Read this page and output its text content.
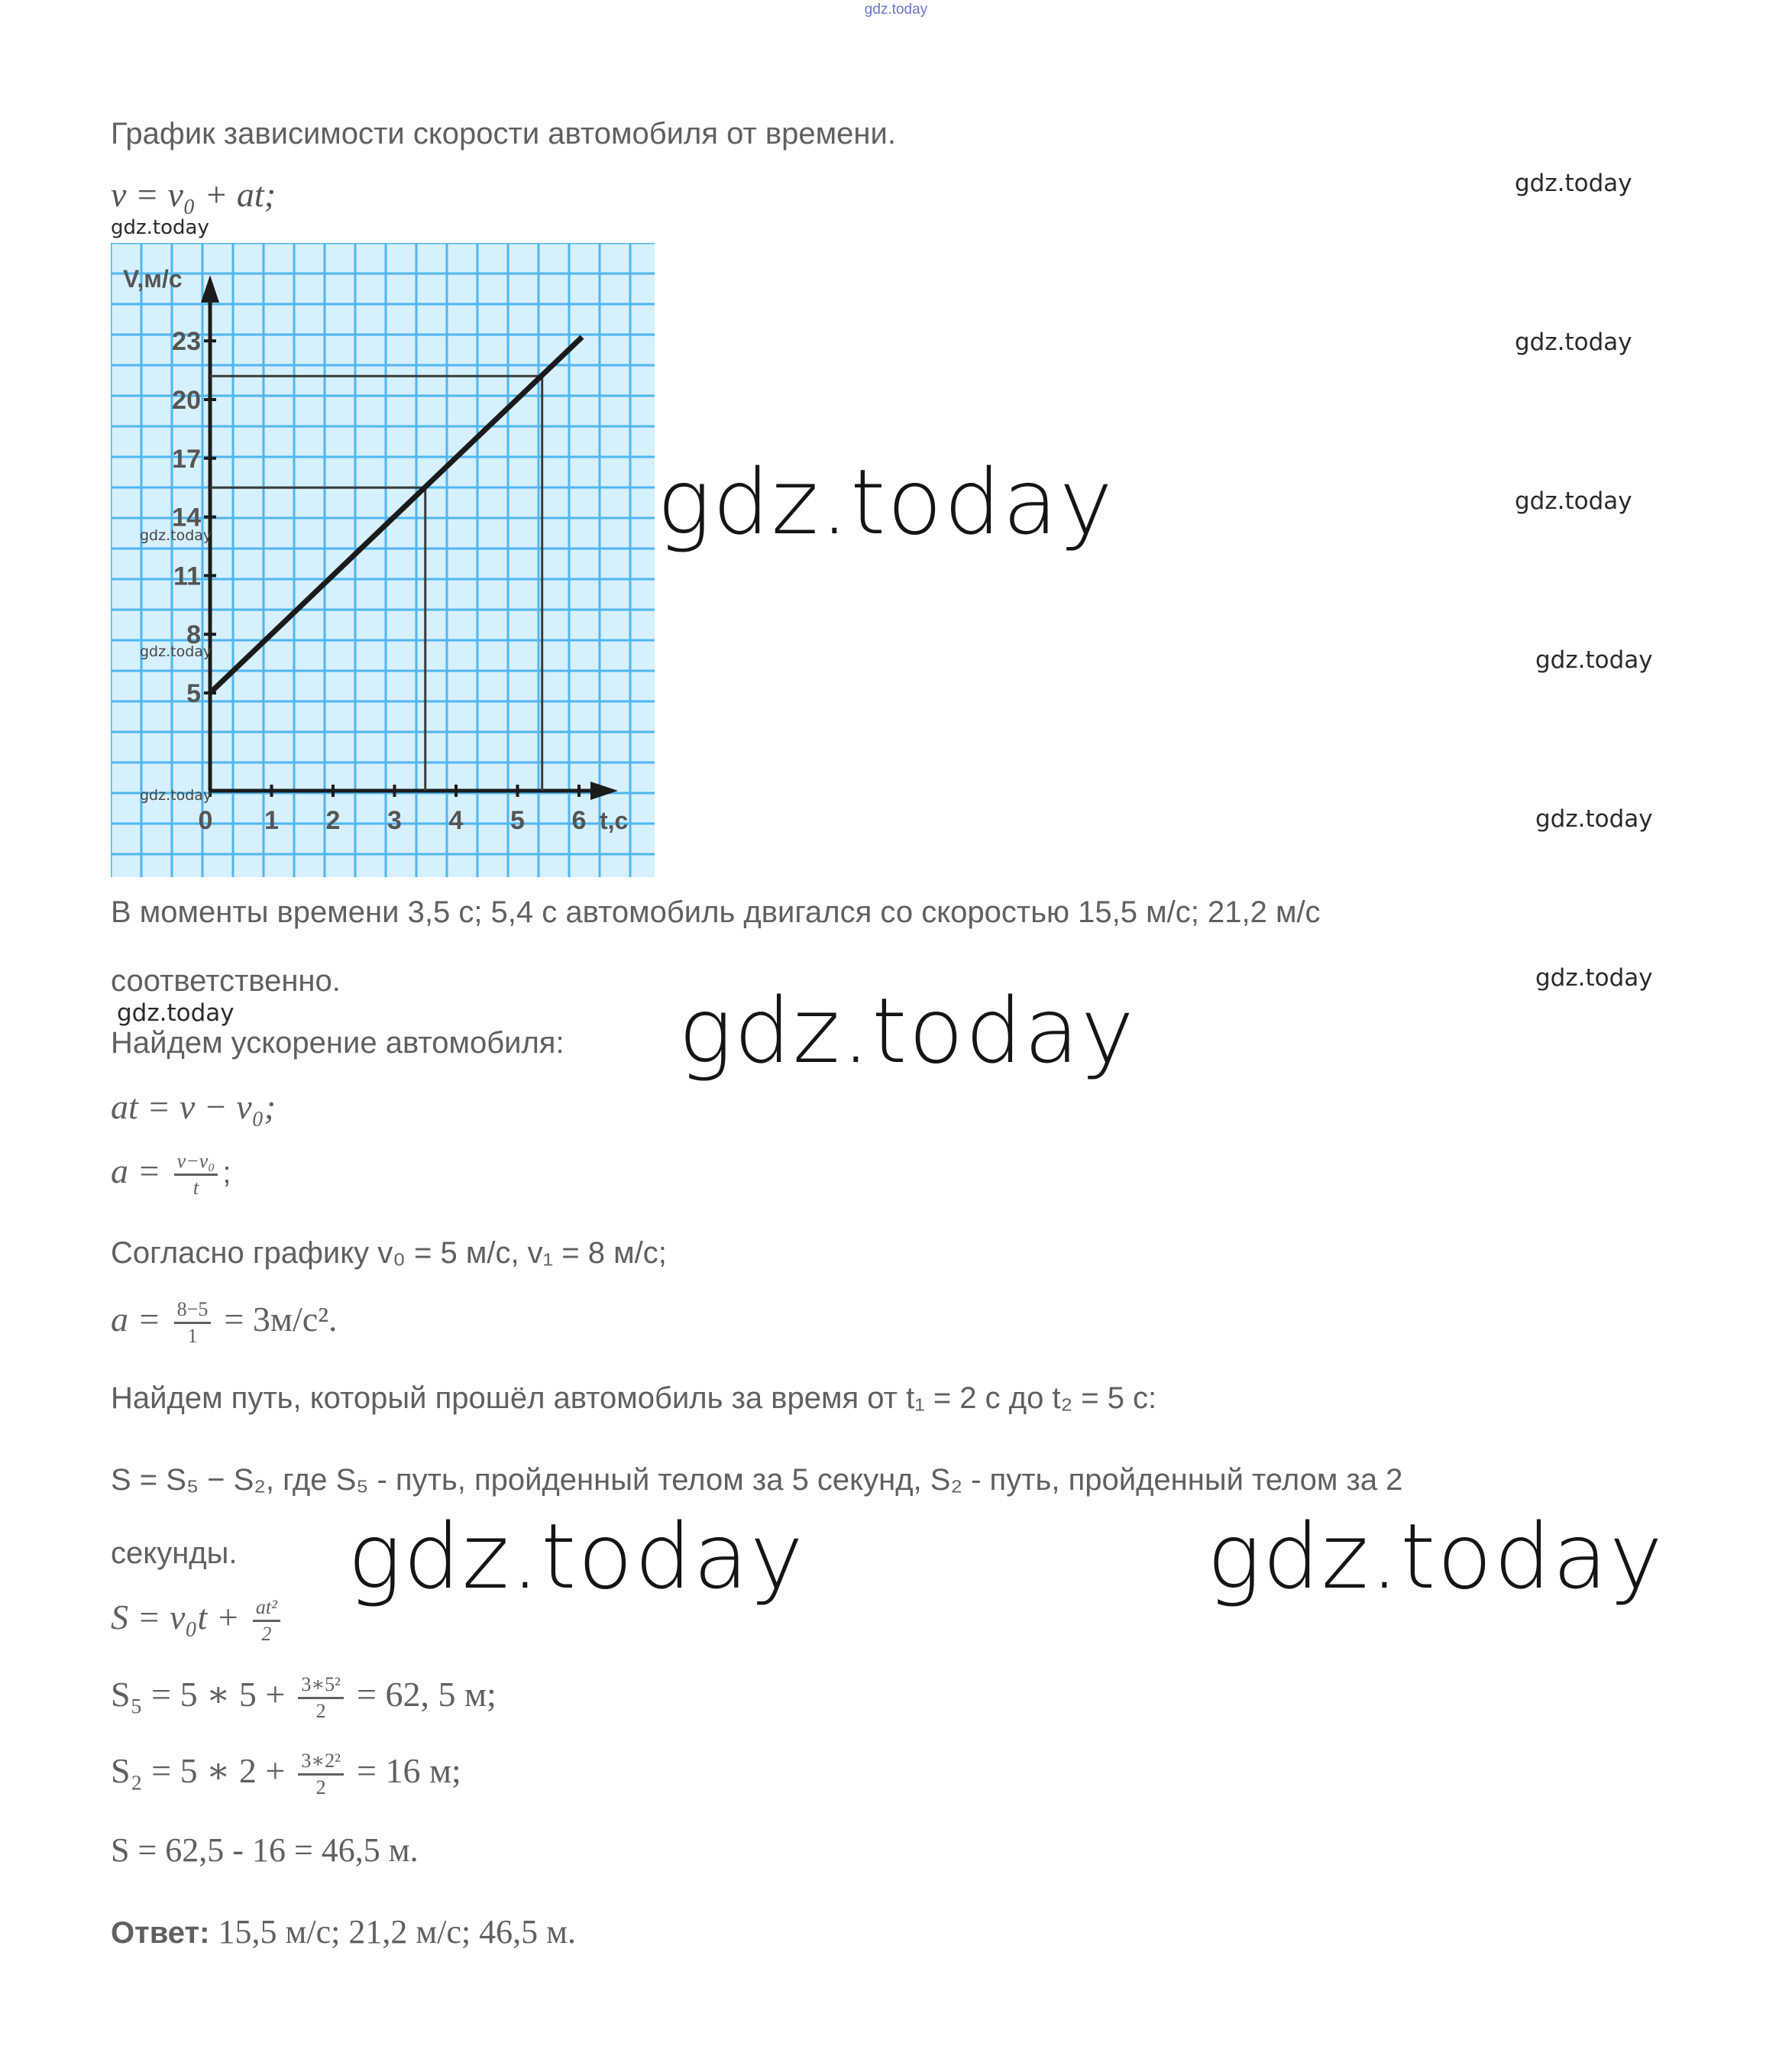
gdz.today
gdz.today
gdz.today
gdz.today
gdz.today
gdz.today
gdz.today
gdz.today
gdz.today
gdz.today
gdz.today
gdz.today	gdz.today
График зависимости скорости автомобиля от времени.
v = v₀ + at;
5
8
11
14
17
20
23
0 1 2 3 4 5 6
V,м/c
t,c
gdz.today
gdz.today
gdz.today
В моменты времени 3,5 с; 5,4 с автомобиль двигался со скоростью 15,5 м/с; 21,2 м/с
соответственно.
Найдем ускорение автомобиля:
at = v − v₀;
$a = \frac{\text{v−v₀}}{t}$ ;
Согласно графику v₀ = 5 м/с, v₁ = 8 м/с;
$a = \frac{8-5}{1} = 3м/с^2$.
Найдем путь, который прошёл автомобиль за время от t₁ = 2 с до t₂ = 5 с:
S = S₅ − S₂, где S₅ - путь, пройденный телом за 5 секунд, S₂ - путь, пройденный телом за 2
секунды.
$S = v_0t + \frac{\text{at²}}{2}$
S₅ = 5 ∗ $5 + \frac{\text{3∗5²}}{2} = 62$, 5 м;
S₂ = 5 ∗ $2 + \frac{\text{3∗2²}}{2} = 16$ м;
S = 62,5 - 16 = 46,5 м.
Ответ: 15,5 м/с; 21,2 м/с; 46,5 м.
